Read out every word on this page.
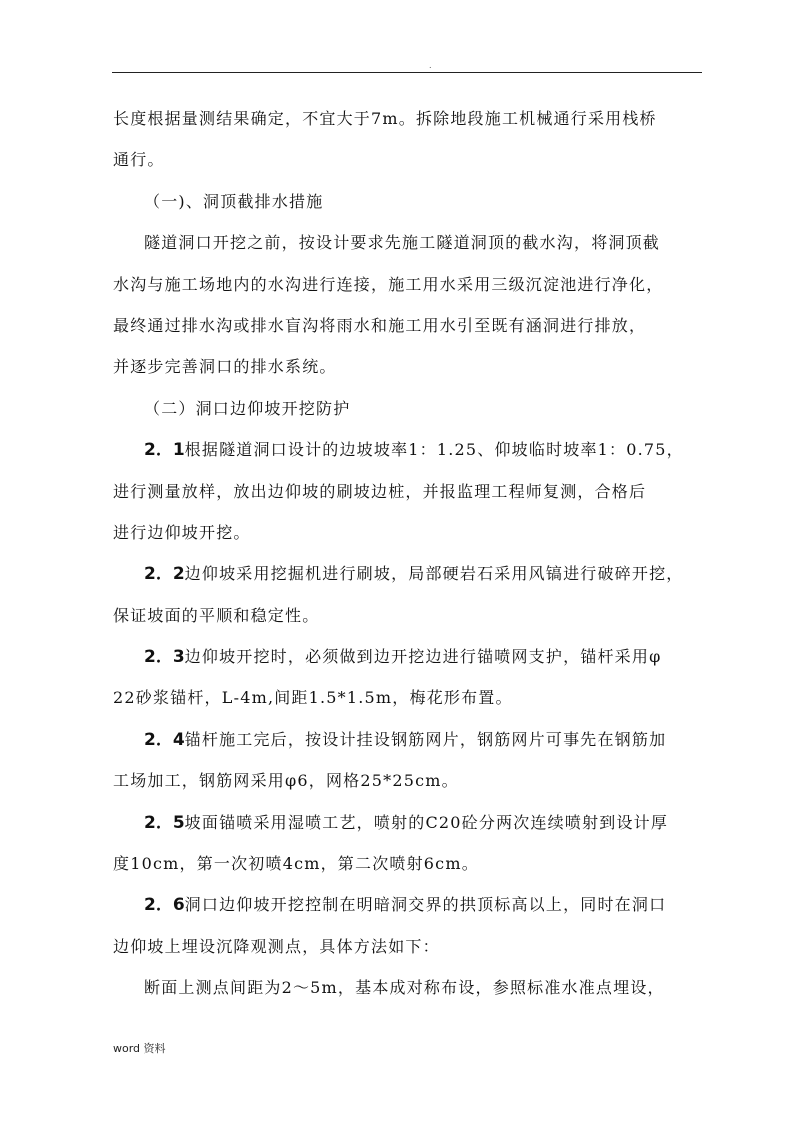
.
长度根据量测结果确定，不宜大于7m。拆除地段施工机械通行采用栈桥
通行。
（一)、洞顶截排水措施
隧道洞口开挖之前，按设计要求先施工隧道洞顶的截水沟，将洞顶截
水沟与施工场地内的水沟进行连接，施工用水采用三级沉淀池进行净化，
最终通过排水沟或排水盲沟将雨水和施工用水引至既有涵洞进行排放，
并逐步完善洞口的排水系统。
（二）洞口边仰坡开挖防护
2．1根据隧道洞口设计的边坡坡率1：1.25、仰坡临时坡率1：0.75，
进行测量放样，放出边仰坡的刷坡边桩，并报监理工程师复测，合格后
进行边仰坡开挖。
2．2边仰坡采用挖掘机进行刷坡，局部硬岩石采用风镐进行破碎开挖，
保证坡面的平顺和稳定性。
2．3边仰坡开挖时，必须做到边开挖边进行锚喷网支护，锚杆采用φ
22砂浆锚杆，L-4m,间距1.5*1.5m，梅花形布置。
2．4锚杆施工完后，按设计挂设钢筋网片，钢筋网片可事先在钢筋加
工场加工，钢筋网采用φ6，网格25*25cm。
2．5坡面锚喷采用湿喷工艺，喷射的C20砼分两次连续喷射到设计厚
度10cm，第一次初喷4cm，第二次喷射6cm。
2．6洞口边仰坡开挖控制在明暗洞交界的拱顶标高以上，同时在洞口
边仰坡上埋设沉降观测点，具体方法如下：
断面上测点间距为2～5m，基本成对称布设，参照标准水准点埋设，
word 资料
